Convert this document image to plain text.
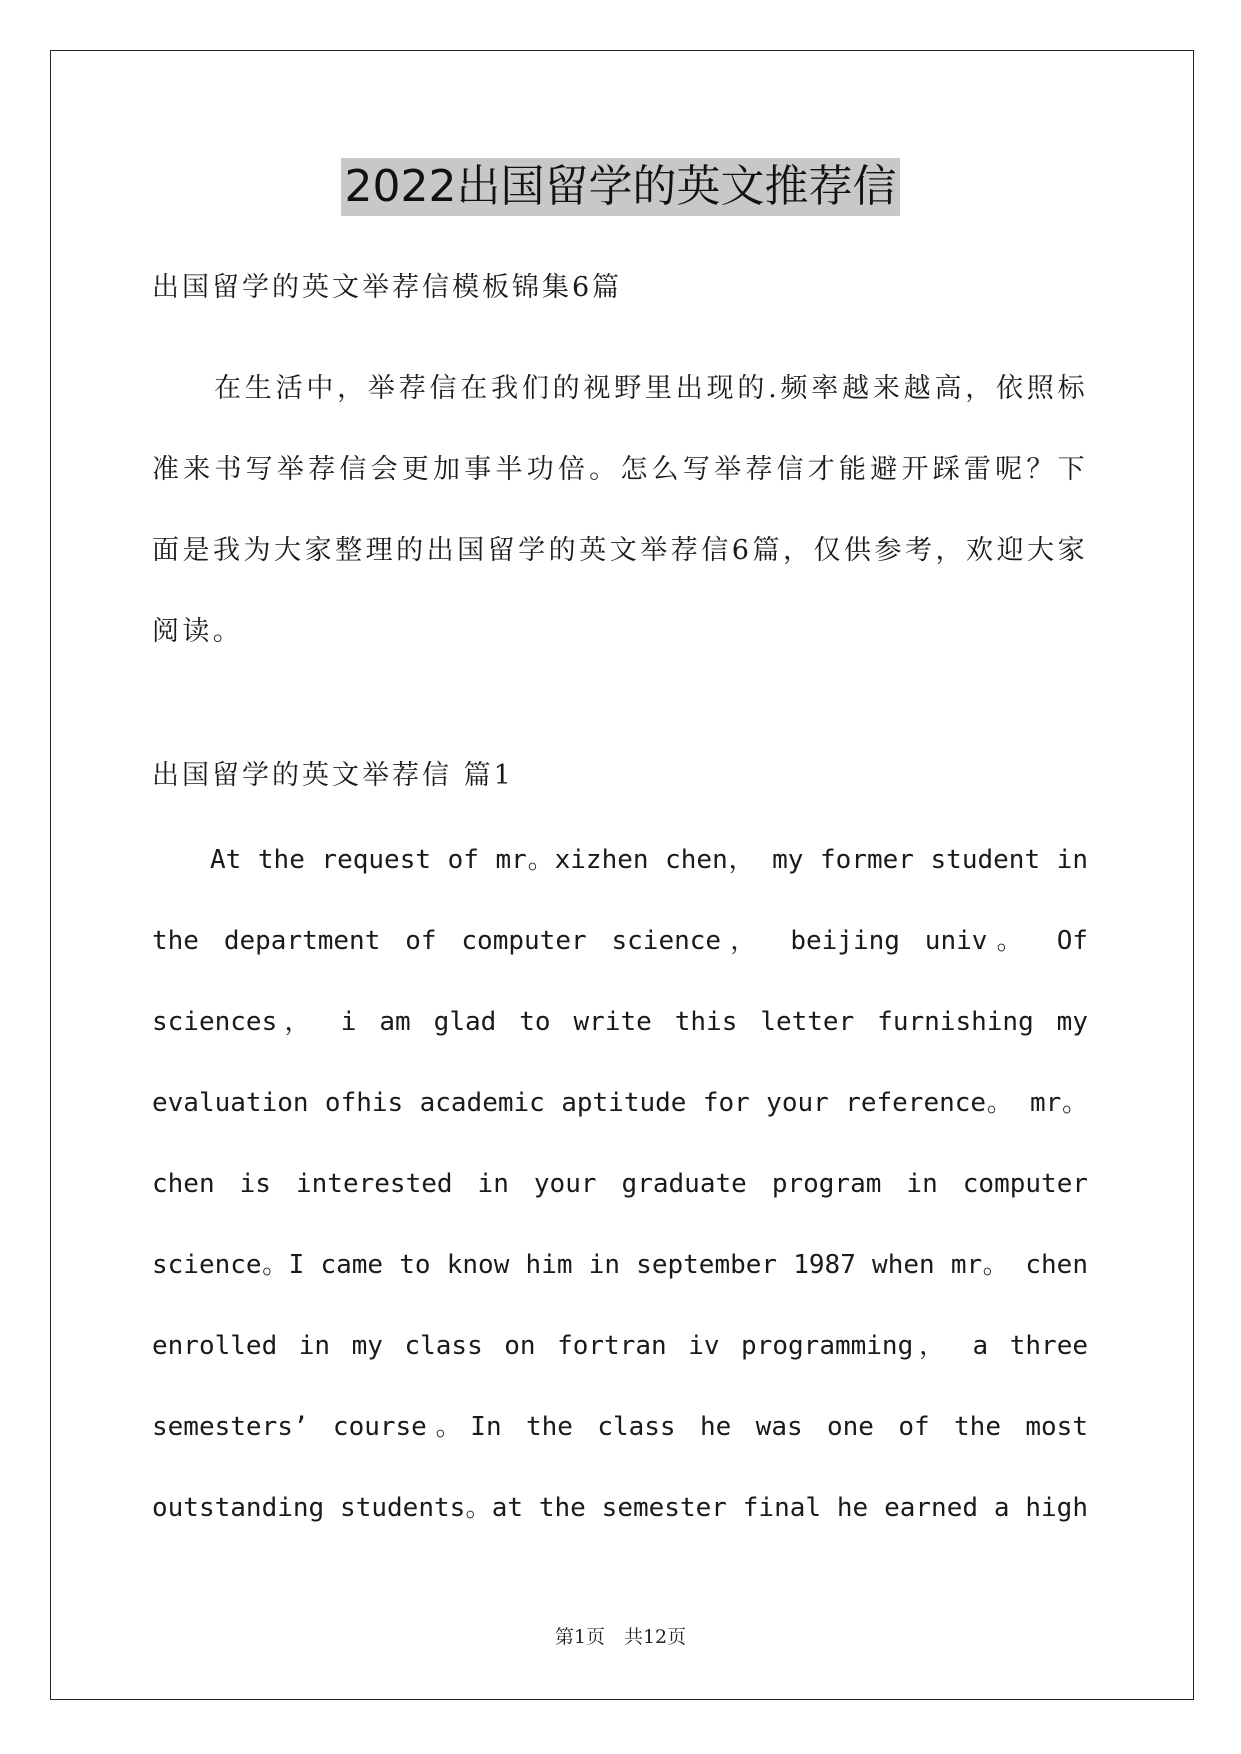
2022出国留学的英文推荐信
出国留学的英文举荐信模板锦集6篇

在生活中，举荐信在我们的视野里出现的.频率越来越高，依照标准来书写举荐信会更加事半功倍。怎么写举荐信才能避开踩雷呢？下面是我为大家整理的出国留学的英文举荐信6篇，仅供参考，欢迎大家阅读。

出国留学的英文举荐信 篇1
At the request of mr。xizhen chen， my former student in
the department of computer science， beijing univ。 Of
sciences， i am glad to write this letter furnishing my
evaluation ofhis academic aptitude for your reference。 mr。
chen is interested in your graduate program in computer
science。I came to know him in september 1987 when mr。 chen
enrolled in my class on fortran iv programming， a three
semesters’ course。In the class he was one of the most
outstanding students。at the semester final he earned a high
第1页　共12页
